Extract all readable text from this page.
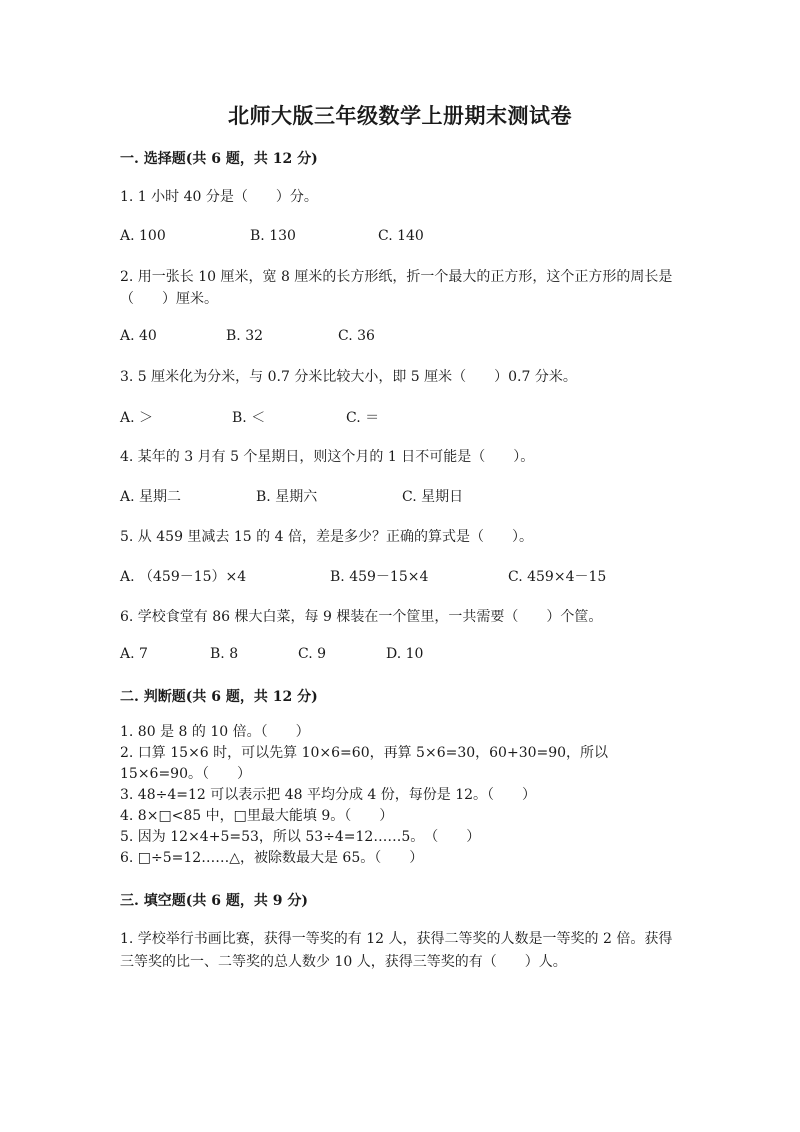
北师大版三年级数学上册期末测试卷
一. 选择题(共 6 题，共 12 分)
1. 1 小时 40 分是（　　）分。
A. 100	B. 130	C. 140
2. 用一张长 10 厘米，宽 8 厘米的长方形纸，折一个最大的正方形，这个正方形的周长是（　　）厘米。
A. 40	B. 32	C. 36
3. 5 厘米化为分米，与 0.7 分米比较大小，即 5 厘米（　　）0.7 分米。
A. ＞	B. ＜	C. ＝
4. 某年的 3 月有 5 个星期日，则这个月的 1 日不可能是（　　）。
A. 星期二	B. 星期六	C. 星期日
5. 从 459 里减去 15 的 4 倍，差是多少？正确的算式是（　　）。
A. （459－15）×4	B. 459－15×4	C. 459×4－15
6. 学校食堂有 86 棵大白菜，每 9 棵装在一个筐里，一共需要（　　）个筐。
A. 7	B. 8	C. 9	D. 10
二. 判断题(共 6 题，共 12 分)
1. 80 是 8 的 10 倍。（　　）
2. 口算 15×6 时，可以先算 10×6=60，再算 5×6=30，60+30=90，所以 15×6=90。（　　）
3. 48÷4=12 可以表示把 48 平均分成 4 份，每份是 12。（　　）
4. 8×□<85 中，□里最大能填 9。（　　）
5. 因为 12×4+5=53，所以 53÷4=12……5。　（　　）
6. □÷5=12……△，被除数最大是 65。（　　）
三. 填空题(共 6 题，共 9 分)
1. 学校举行书画比赛，获得一等奖的有 12 人，获得二等奖的人数是一等奖的 2 倍。获得三等奖的比一、二等奖的总人数少 10 人，获得三等奖的有（　　）人。
